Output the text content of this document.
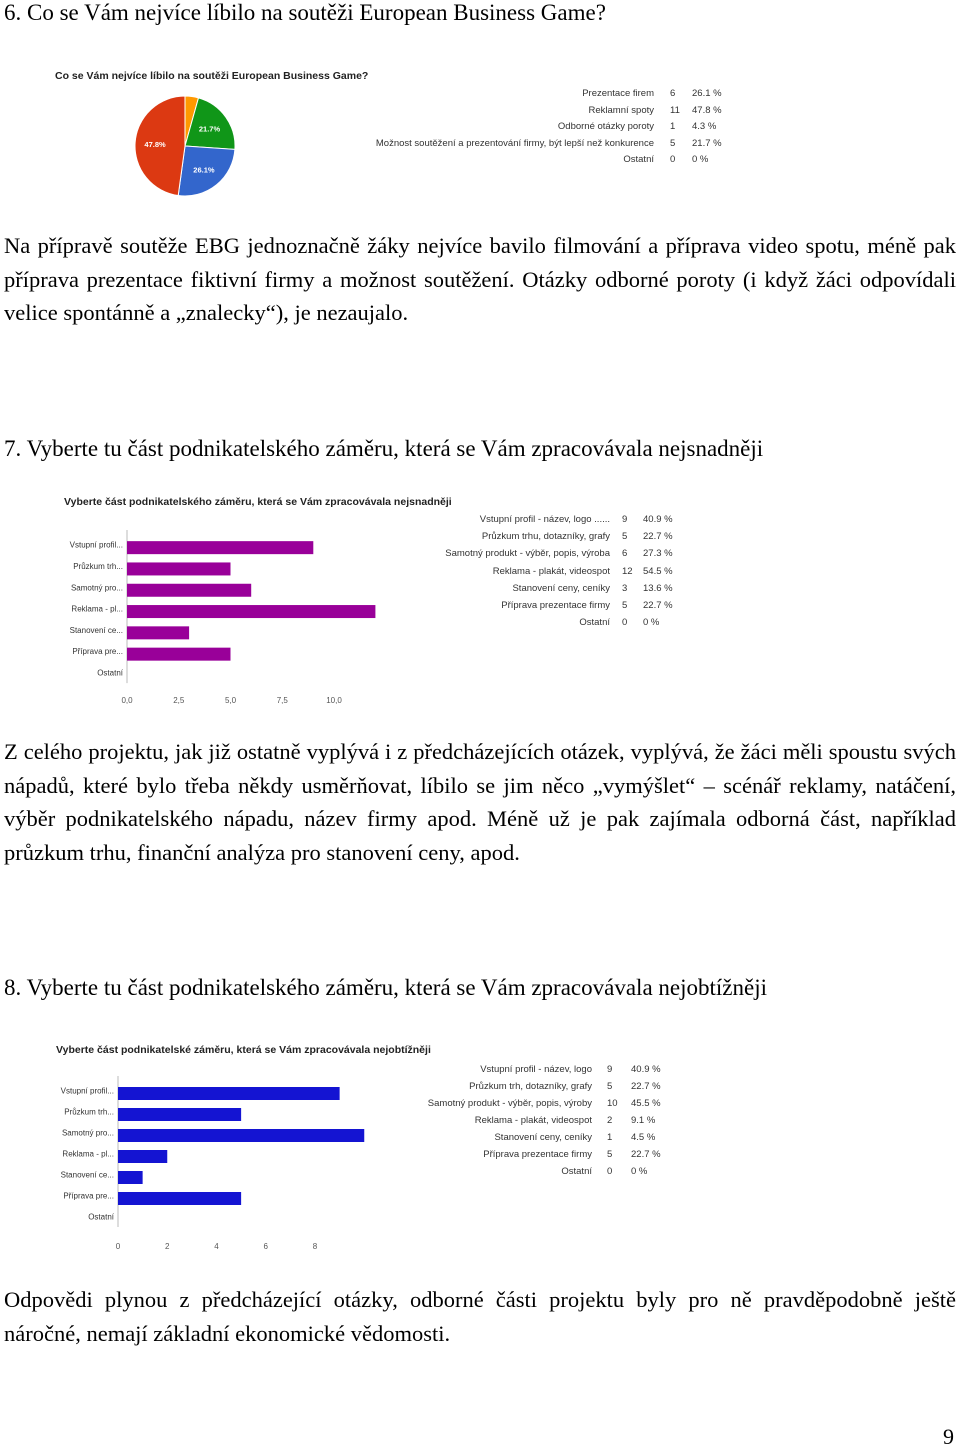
6. Co se Vám nejvíce líbilo na soutěži European Business Game?
Co se Vám nejvíce líbilo na soutěži European Business Game?
21.7%
26.1%
47.8%
Prezentace firem 6 26.1 %
Reklamní spoty 11 47.8 %
Odborné otázky poroty 1 4.3 %
Možnost soutěžení a prezentování firmy, být lepší než konkurence 5 21.7 %
Ostatní 0 0 %
Na přípravě soutěže EBG jednoznačně žáky nejvíce bavilo filmování a příprava video spotu, méně pak příprava prezentace fiktivní firmy a možnost soutěžení. Otázky odborné poroty (i když žáci odpovídali velice spontánně a „znalecky“), je nezaujalo.
7. Vyberte tu část podnikatelského záměru, která se Vám zpracovávala nejsnadněji
Vyberte část podnikatelského záměru, která se Vám zpracovávala nejsnadněji
Vstupní profil...
Průzkum trh...
Samotný pro...
Reklama - pl...
Stanovení ce...
Příprava pre...
Ostatní
0,0	2,5	5,0	7,5	10,0
Vstupní profil - název, logo ...... 9 40.9 %
Průzkum trhu, dotazníky, grafy 5 22.7 %
Samotný produkt - výběr, popis, výroba 6 27.3 %
Reklama - plakát, videospot 12 54.5 %
Stanovení ceny, ceníky 3 13.6 %
Příprava prezentace firmy 5 22.7 %
Ostatní 0 0 %
Z celého projektu, jak již ostatně vyplývá i z předcházejících otázek, vyplývá, že žáci měli spoustu svých nápadů, které bylo třeba někdy usměrňovat, líbilo se jim něco „vymýšlet“ – scénář reklamy, natáčení, výběr podnikatelského nápadu, název firmy apod. Méně už je pak zajímala odborná část, například průzkum trhu, finanční analýza pro stanovení ceny, apod.
8. Vyberte tu část podnikatelského záměru, která se Vám zpracovávala nejobtížněji
Vyberte část podnikatelské záměru, která se Vám zpracovávala nejobtížněji
Vstupní profil...
Průzkum trh...
Samotný pro...
Reklama - pl...
Stanovení ce...
Příprava pre...
Ostatní
0	2	4	6	8
Vstupní profil - název, logo 9 40.9 %
Průzkum trh, dotazníky, grafy 5 22.7 %
Samotný produkt - výběr, popis, výroby 10 45.5 %
Reklama - plakát, videospot 2 9.1 %
Stanovení ceny, ceníky 1 4.5 %
Příprava prezentace firmy 5 22.7 %
Ostatní 0 0 %
Odpovědi plynou z předcházející otázky, odborné části projektu byly pro ně pravděpodobně ještě náročné, nemají základní ekonomické vědomosti.
9
